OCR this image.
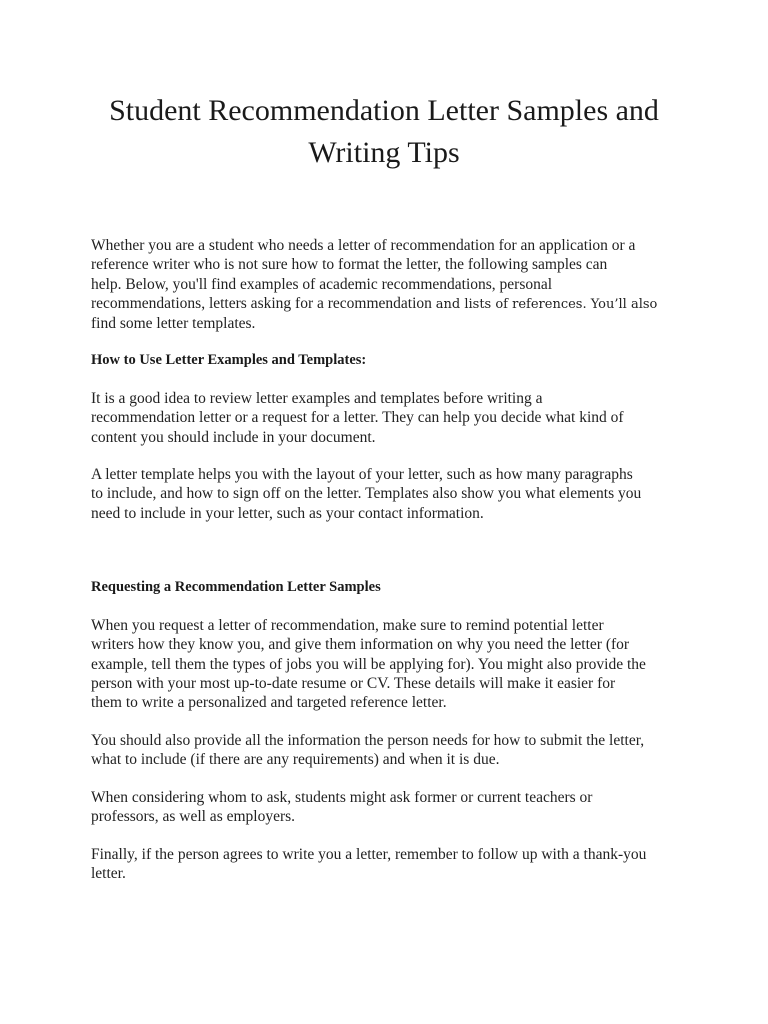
Student Recommendation Letter Samples and
Writing Tips

Whether you are a student who needs a letter of recommendation for an application or a
reference writer who is not sure how to format the letter, the following samples can
help. Below, you'll find examples of academic recommendations, personal
recommendations, letters asking for a recommendation and lists of references. You’ll also
find some letter templates.

How to Use Letter Examples and Templates:

It is a good idea to review letter examples and templates before writing a
recommendation letter or a request for a letter. They can help you decide what kind of
content you should include in your document.

A letter template helps you with the layout of your letter, such as how many paragraphs
to include, and how to sign off on the letter. Templates also show you what elements you
need to include in your letter, such as your contact information.

Requesting a Recommendation Letter Samples

When you request a letter of recommendation, make sure to remind potential letter
writers how they know you, and give them information on why you need the letter (for
example, tell them the types of jobs you will be applying for). You might also provide the
person with your most up-to-date resume or CV. These details will make it easier for
them to write a personalized and targeted reference letter.

You should also provide all the information the person needs for how to submit the letter,
what to include (if there are any requirements) and when it is due.

When considering whom to ask, students might ask former or current teachers or
professors, as well as employers.

Finally, if the person agrees to write you a letter, remember to follow up with a thank-you
letter.
